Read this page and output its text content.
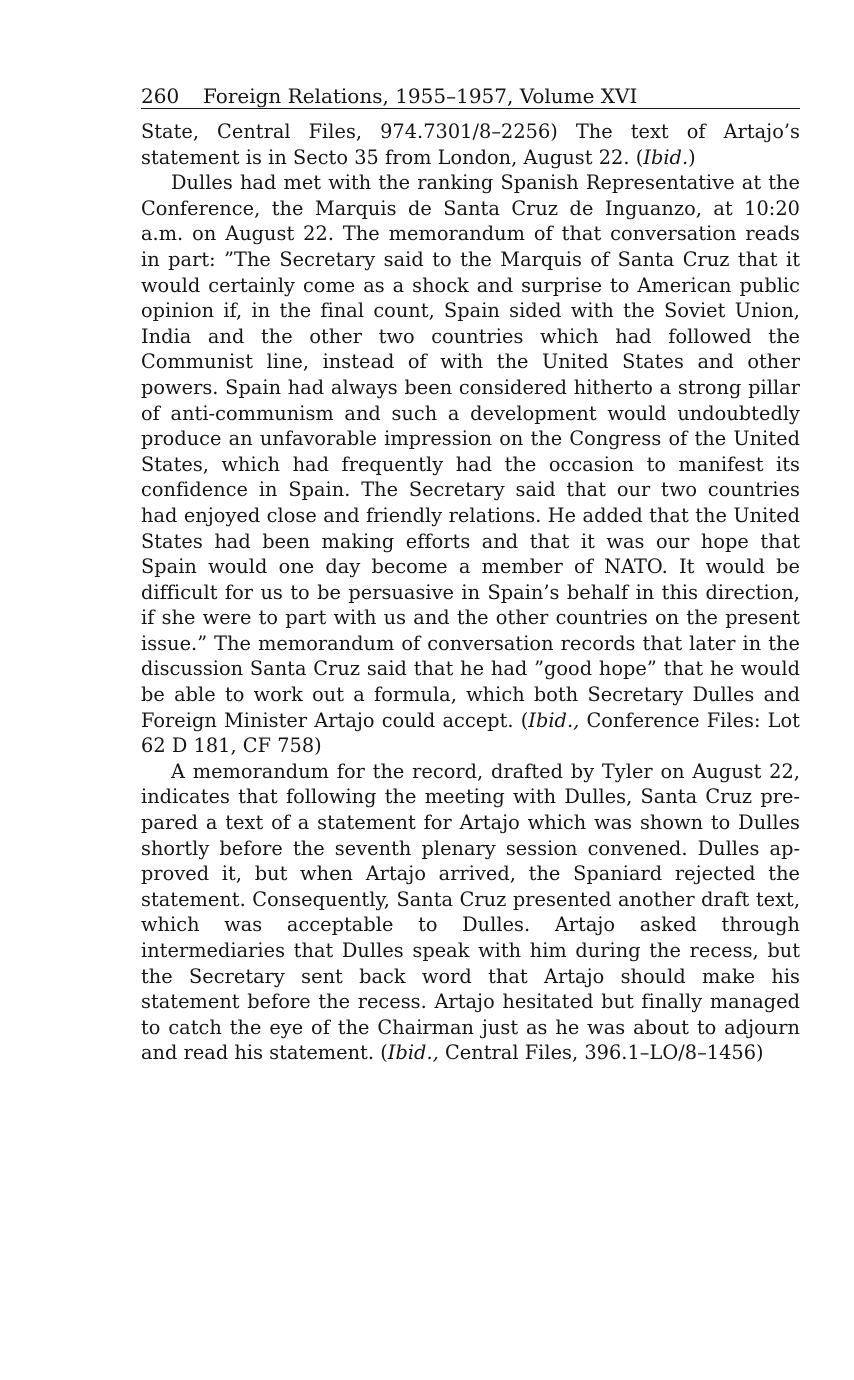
260	Foreign Relations, 1955–1957, Volume XVI

State, Central Files, 974.7301/8–2256) The text of Artajo’s statement is in Secto 35 from London, August 22. (Ibid.)

Dulles had met with the ranking Spanish Representative at the Conference, the Marquis de Santa Cruz de Inguanzo, at 10:20 a.m. on August 22. The memorandum of that conversation reads in part: ”The Secretary said to the Marquis of Santa Cruz that it would certainly come as a shock and surprise to American public opinion if, in the final count, Spain sided with the Soviet Union, India and the other two countries which had followed the Communist line, instead of with the United States and other powers. Spain had always been considered hitherto a strong pillar of anti-communism and such a development would undoubtedly produce an unfavorable impression on the Congress of the United States, which had frequently had the occasion to manifest its confidence in Spain. The Secretary said that our two countries had enjoyed close and friendly relations. He added that the United States had been making efforts and that it was our hope that Spain would one day become a member of NATO. It would be difficult for us to be persuasive in Spain’s behalf in this direction, if she were to part with us and the other countries on the present issue.” The memorandum of conversation records that later in the discussion Santa Cruz said that he had ”good hope” that he would be able to work out a formula, which both Secretary Dulles and Foreign Minister Artajo could accept. (Ibid., Conference Files: Lot 62 D 181, CF 758)

A memorandum for the record, drafted by Tyler on August 22, indicates that following the meeting with Dulles, Santa Cruz prepared a text of a statement for Artajo which was shown to Dulles shortly before the seventh plenary session convened. Dulles approved it, but when Artajo arrived, the Spaniard rejected the statement. Consequently, Santa Cruz presented another draft text, which was acceptable to Dulles. Artajo asked through intermediaries that Dulles speak with him during the recess, but the Secretary sent back word that Artajo should make his statement before the recess. Artajo hesitated but finally managed to catch the eye of the Chairman just as he was about to adjourn and read his statement. (Ibid., Central Files, 396.1–LO/8–1456)
